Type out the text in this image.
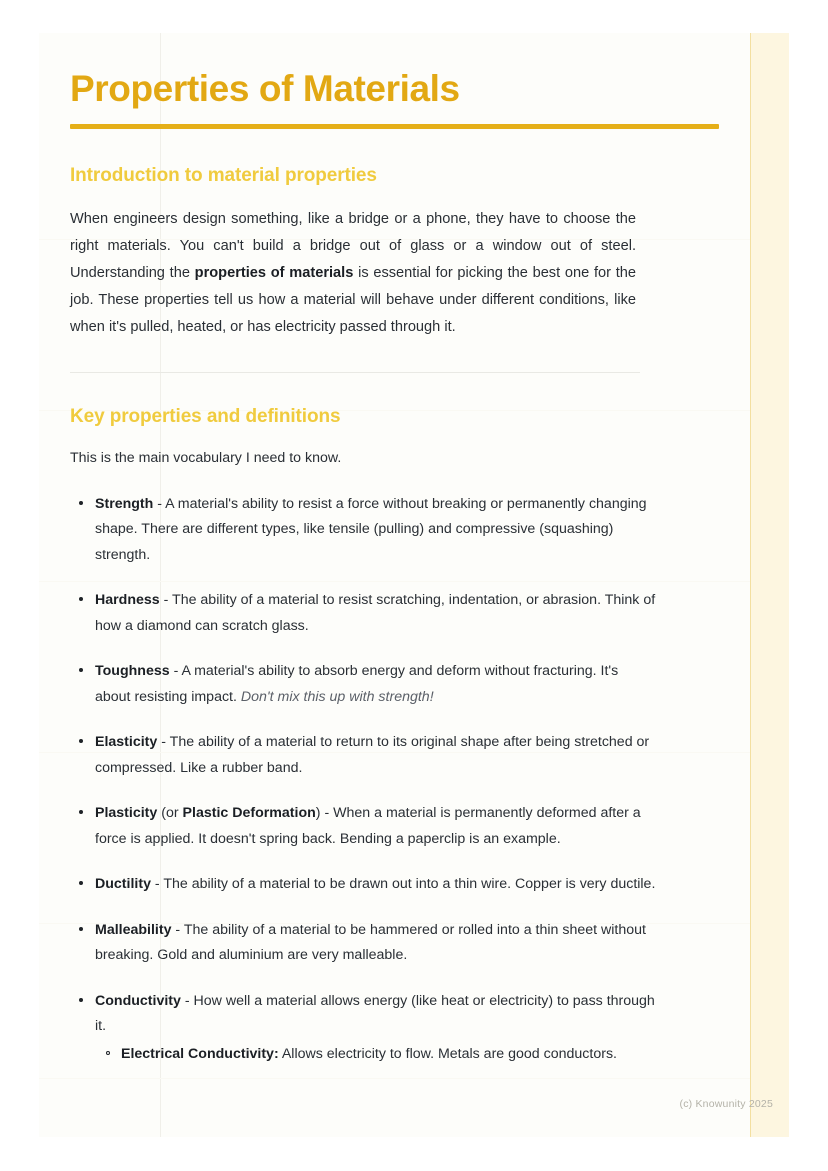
Properties of Materials
Introduction to material properties

When engineers design something, like a bridge or a phone, they have to choose the right materials. You can't build a bridge out of glass or a window out of steel. Understanding the properties of materials is essential for picking the best one for the job. These properties tell us how a material will behave under different conditions, like when it's pulled, heated, or has electricity passed through it.

Key properties and definitions

This is the main vocabulary I need to know.

Strength - A material's ability to resist a force without breaking or permanently changing shape. There are different types, like tensile (pulling) and compressive (squashing) strength.
Hardness - The ability of a material to resist scratching, indentation, or abrasion. Think of how a diamond can scratch glass.
Toughness - A material's ability to absorb energy and deform without fracturing. It's about resisting impact. Don't mix this up with strength!
Elasticity - The ability of a material to return to its original shape after being stretched or compressed. Like a rubber band.
Plasticity (or Plastic Deformation) - When a material is permanently deformed after a force is applied. It doesn't spring back. Bending a paperclip is an example.
Ductility - The ability of a material to be drawn out into a thin wire. Copper is very ductile.
Malleability - The ability of a material to be hammered or rolled into a thin sheet without breaking. Gold and aluminium are very malleable.
Conductivity - How well a material allows energy (like heat or electricity) to pass through it.
Electrical Conductivity: Allows electricity to flow. Metals are good conductors.
(c) Knowunity 2025
